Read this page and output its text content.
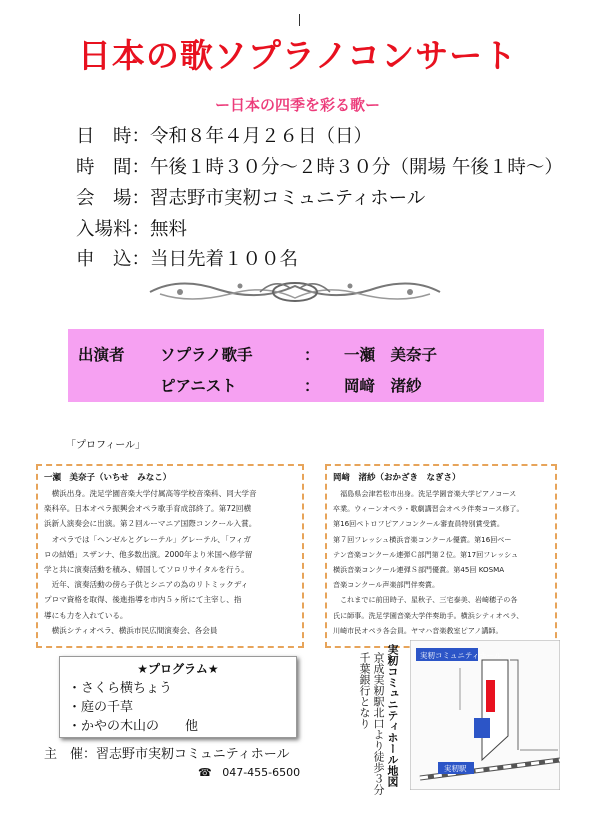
日本の歌ソプラノコンサート
ー日本の四季を彩る歌ー
日　時：令和８年４月２６日（日）
時　間：午後１時３０分～２時３０分（開場 午後１時～）
会　場：習志野市実籾コミュニティホール
入場料：無料
申　込：当日先着１００名
出演者 ソプラノ歌手	： 一瀬　美奈子
ピアニスト	： 岡﨑　渚紗
「プロフィール」
一瀬　美奈子（いちせ　みなこ）
　横浜出身。洗足学園音楽大学付属高等学校音楽科、同大学音
楽科卒。日本オペラ振興会オペラ歌手育成部終了。第72回横
浜新人演奏会に出演。第２回ルーマニア国際コンクール入賞。
　オペラでは「ヘンゼルとグレーテル」グレーテル、「フィガ
ロの結婚」スザンナ、他多数出演。2000年より米国へ修学留
学と共に演奏活動を積み、帰国してソロリサイタルを行う。
　近年、演奏活動の傍ら子供とシニアの為のリトミックディ
プロマ資格を取得、後進指導を市内５ヶ所にて主宰し、指
導にも力を入れている。
　横浜シティオペラ、横浜市民広間演奏会、各会員
岡﨑　渚紗（おかざき　なぎさ）
　福島県会津若松市出身。洗足学園音楽大学ピアノコース
卒業。ウィーンオペラ・歌劇講習会オペラ伴奏コース修了。
第16回ペトロフピアノコンクール審査員特別賞受賞。
第７回フレッシュ横浜音楽コンクール優賞。第16回ベー
テン音楽コンクール連弾Ｃ部門第２位。第17回フレッシュ
横浜音楽コンクール連弾Ｓ部門優賞。第45回 KOSMA
音楽コンクール声楽部門伴奏賞。
　これまでに前田時子、星秋子、三宅泰美、岩崎穂子の各
氏に師事。洗足学園音楽大学伴奏助手。横浜シティオペラ、
川崎市民オペラ各会員。ヤマハ音楽教室ピアノ講師。
★プログラム★
・さくら横ちょう
・庭の千草
・かやの木山の　　他
主　催：習志野市実籾コミュニティホール
☎ 047-455-6500	実籾コミュニティホール地図
京成実籾駅北口より徒歩３分
千葉銀行となり	実籾コミュニティホール
実籾駅
